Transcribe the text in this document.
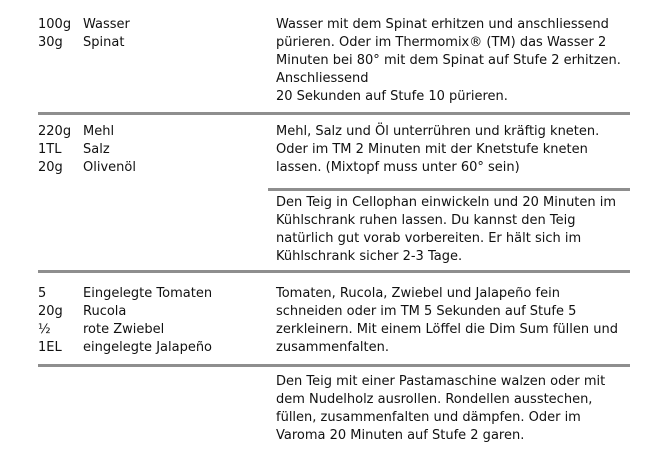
100g Wasser
30g Spinat
Wasser mit dem Spinat erhitzen und anschliessend
pürieren. Oder im Thermomix® (TM) das Wasser 2
Minuten bei 80° mit dem Spinat auf Stufe 2 erhitzen.
Anschliessend
20 Sekunden auf Stufe 10 pürieren.
220g Mehl
1TL Salz
20g Olivenöl
Mehl, Salz und Öl unterrühren und kräftig kneten.
Oder im TM 2 Minuten mit der Knetstufe kneten
lassen. (Mixtopf muss unter 60° sein)
Den Teig in Cellophan einwickeln und 20 Minuten im
Kühlschrank ruhen lassen. Du kannst den Teig
natürlich gut vorab vorbereiten. Er hält sich im
Kühlschrank sicher 2-3 Tage.
5	Eingelegte Tomaten
20g Rucola
½ rote Zwiebel
1EL eingelegte Jalapeño
Tomaten, Rucola, Zwiebel und Jalapeño fein
schneiden oder im TM 5 Sekunden auf Stufe 5
zerkleinern. Mit einem Löffel die Dim Sum füllen und
zusammenfalten.
Den Teig mit einer Pastamaschine walzen oder mit
dem Nudelholz ausrollen. Rondellen ausstechen,
füllen, zusammenfalten und dämpfen. Oder im
Varoma 20 Minuten auf Stufe 2 garen.
